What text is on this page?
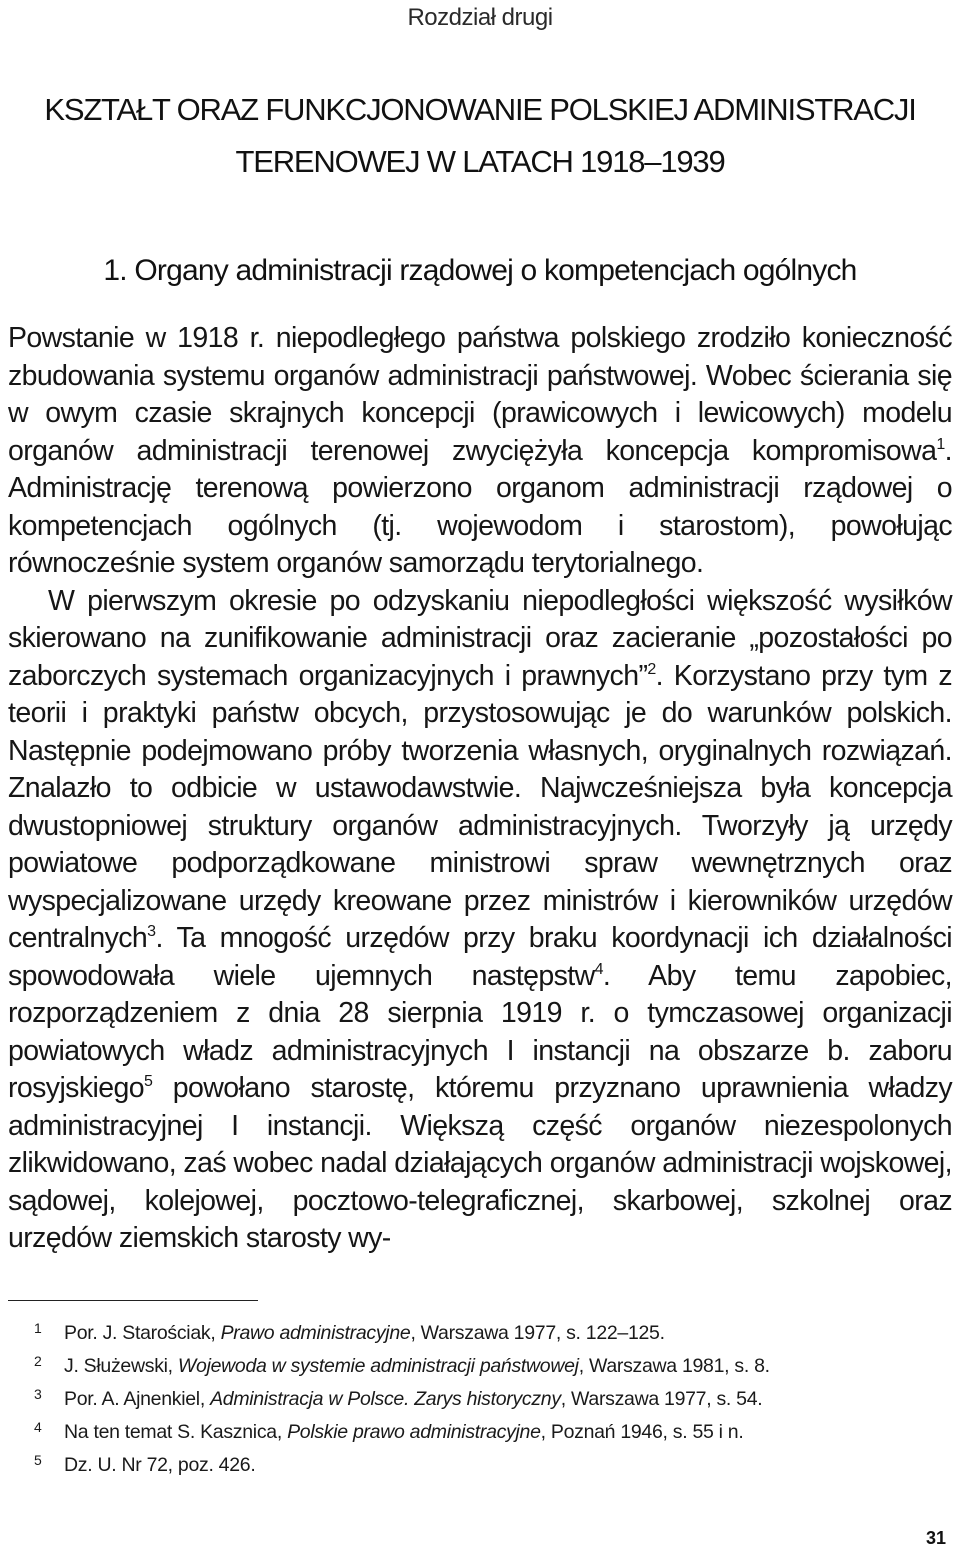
Rozdział drugi
KSZTAŁT ORAZ FUNKCJONOWANIE POLSKIEJ ADMINISTRACJI
TERENOWEJ W LATACH 1918–1939
1. Organy administracji rządowej o kompetencjach ogólnych

Powstanie w 1918 r. niepodległego państwa polskiego zrodziło konieczność zbudowania systemu organów administracji państwowej. Wobec ścierania się w owym czasie skrajnych koncepcji (prawicowych i lewicowych) modelu organów administracji terenowej zwyciężyła koncepcja kompromisowa$^1$. Administrację terenową powierzono organom administracji rządowej o kompetencjach ogólnych (tj. wojewodom i starostom), powołując równocześnie system organów samorządu terytorialnego.

W pierwszym okresie po odzyskaniu niepodległości większość wysiłków skierowano na zunifikowanie administracji oraz zacieranie „pozostałości po zaborczych systemach organizacyjnych i prawnych”$^2$. Korzystano przy tym z teorii i praktyki państw obcych, przystosowując je do warunków polskich. Następnie podejmowano próby tworzenia własnych, oryginalnych rozwiązań. Znalazło to odbicie w ustawodawstwie. Najwcześniejsza była koncepcja dwustopniowej struktury organów administracyjnych. Tworzyły ją urzędy powiatowe podporządkowane ministrowi spraw wewnętrznych oraz wyspecjalizowane urzędy kreowane przez ministrów i kierowników urzędów centralnych$^3$. Ta mnogość urzędów przy braku koordynacji ich działalności spowodowała wiele ujemnych następstw$^4$. Aby temu zapobiec, rozporządzeniem z dnia 28 sierpnia 1919 r. o tymczasowej organizacji powiatowych władz administracyjnych I instancji na obszarze b. zaboru rosyjskiego$^5$ powołano starostę, któremu przyznano uprawnienia władzy administracyjnej I instancji. Większą część organów niezespolonych zlikwidowano, zaś wobec nadal działających organów administracji wojskowej, sądowej, kolejowej, pocztowo-telegraficznej, skarbowej, szkolnej oraz urzędów ziemskich starosty wy-

1 Por. J. Starościak, Prawo administracyjne, Warszawa 1977, s. 122–125.
2 J. Służewski, Wojewoda w systemie administracji państwowej, Warszawa 1981, s. 8.
3 Por. A. Ajnenkiel, Administracja w Polsce. Zarys historyczny, Warszawa 1977, s. 54.
4 Na ten temat S. Kasznica, Polskie prawo administracyjne, Poznań 1946, s. 55 i n.
5 Dz. U. Nr 72, poz. 426.
31
